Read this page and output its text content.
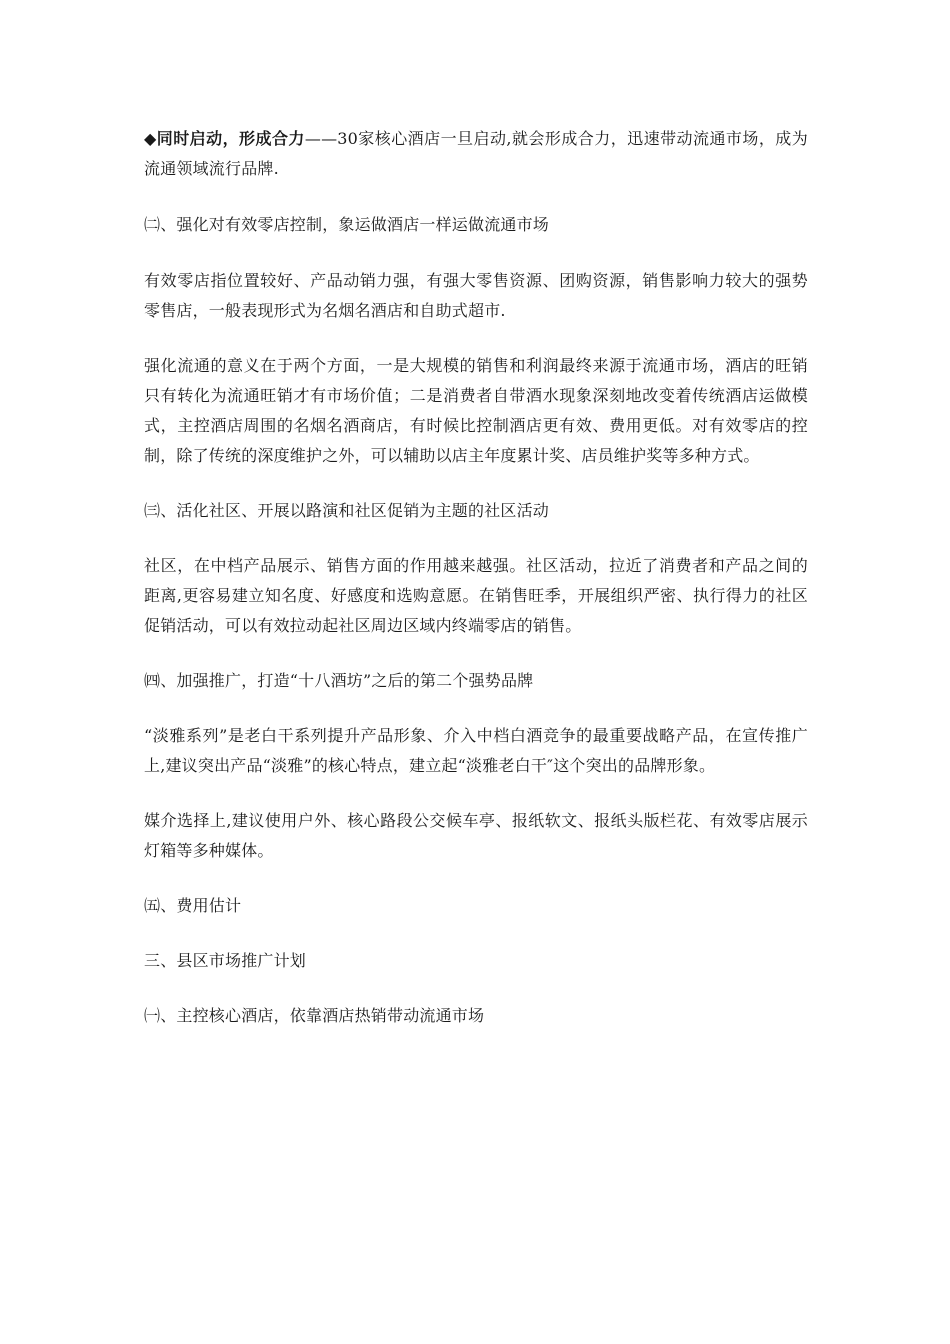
◆同时启动，形成合力——30家核心酒店一旦启动,就会形成合力，迅速带动流通市场，成为流通领域流行品牌.

㈡、强化对有效零店控制，象运做酒店一样运做流通市场

有效零店指位置较好、产品动销力强，有强大零售资源、团购资源，销售影响力较大的强势零售店，一般表现形式为名烟名酒店和自助式超市.

强化流通的意义在于两个方面，一是大规模的销售和利润最终来源于流通市场，酒店的旺销只有转化为流通旺销才有市场价值；二是消费者自带酒水现象深刻地改变着传统酒店运做模式，主控酒店周围的名烟名酒商店，有时候比控制酒店更有效、费用更低。对有效零店的控制，除了传统的深度维护之外，可以辅助以店主年度累计奖、店员维护奖等多种方式。

㈢、活化社区、开展以路演和社区促销为主题的社区活动

社区，在中档产品展示、销售方面的作用越来越强。社区活动，拉近了消费者和产品之间的距离,更容易建立知名度、好感度和选购意愿。在销售旺季，开展组织严密、执行得力的社区促销活动，可以有效拉动起社区周边区域内终端零店的销售。

㈣、加强推广，打造“十八酒坊”之后的第二个强势品牌

“淡雅系列”是老白干系列提升产品形象、介入中档白酒竞争的最重要战略产品，在宣传推广上,建议突出产品“淡雅”的核心特点，建立起“淡雅老白干″这个突出的品牌形象。

媒介选择上,建议使用户外、核心路段公交候车亭、报纸软文、报纸头版栏花、有效零店展示灯箱等多种媒体。

㈤、费用估计

三、县区市场推广计划

㈠、主控核心酒店，依靠酒店热销带动流通市场
